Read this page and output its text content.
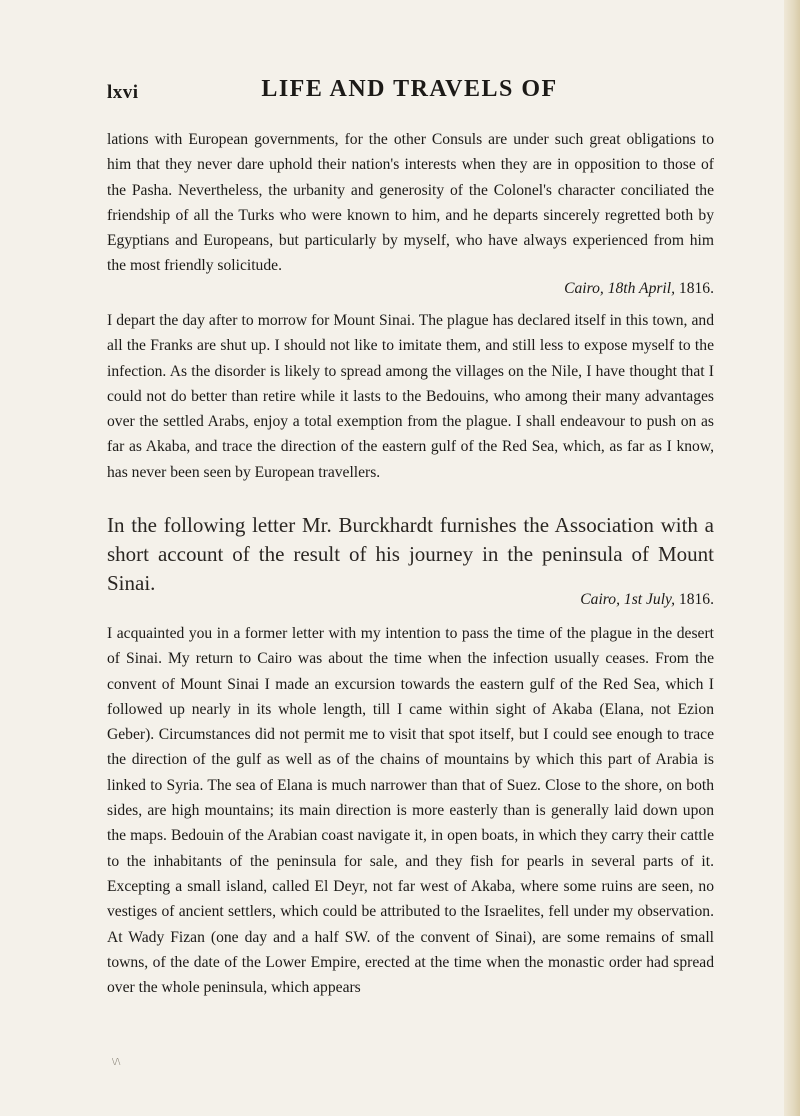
lxvi	LIFE AND TRAVELS OF

lations with European governments, for the other Consuls are under such great obligations to him that they never dare uphold their nation's interests when they are in opposition to those of the Pasha. Nevertheless, the urbanity and generosity of the Colonel's character conciliated the friendship of all the Turks who were known to him, and he departs sincerely regretted both by Egyptians and Europeans, but particularly by myself, who have always experienced from him the most friendly solicitude.

Cairo, 18th April, 1816.

I depart the day after to morrow for Mount Sinai. The plague has declared itself in this town, and all the Franks are shut up. I should not like to imitate them, and still less to expose myself to the infection. As the disorder is likely to spread among the villages on the Nile, I have thought that I could not do better than retire while it lasts to the Bedouins, who among their many advantages over the settled Arabs, enjoy a total exemption from the plague. I shall endeavour to push on as far as Akaba, and trace the direction of the eastern gulf of the Red Sea, which, as far as I know, has never been seen by European travellers.

In the following letter Mr. Burckhardt furnishes the Association with a short account of the result of his journey in the peninsula of Mount Sinai.

Cairo, 1st July, 1816.

I acquainted you in a former letter with my intention to pass the time of the plague in the desert of Sinai. My return to Cairo was about the time when the infection usually ceases. From the convent of Mount Sinai I made an excursion towards the eastern gulf of the Red Sea, which I followed up nearly in its whole length, till I came within sight of Akaba (Elana, not Ezion Geber). Circumstances did not permit me to visit that spot itself, but I could see enough to trace the direction of the gulf as well as of the chains of mountains by which this part of Arabia is linked to Syria. The sea of Elana is much narrower than that of Suez. Close to the shore, on both sides, are high mountains; its main direction is more easterly than is generally laid down upon the maps. Bedouin of the Arabian coast navigate it, in open boats, in which they carry their cattle to the inhabitants of the peninsula for sale, and they fish for pearls in several parts of it. Excepting a small island, called El Deyr, not far west of Akaba, where some ruins are seen, no vestiges of ancient settlers, which could be attributed to the Israelites, fell under my observation. At Wady Fizan (one day and a half SW. of the convent of Sinai), are some remains of small towns, of the date of the Lower Empire, erected at the time when the monastic order had spread over the whole peninsula, which appears

\/\
